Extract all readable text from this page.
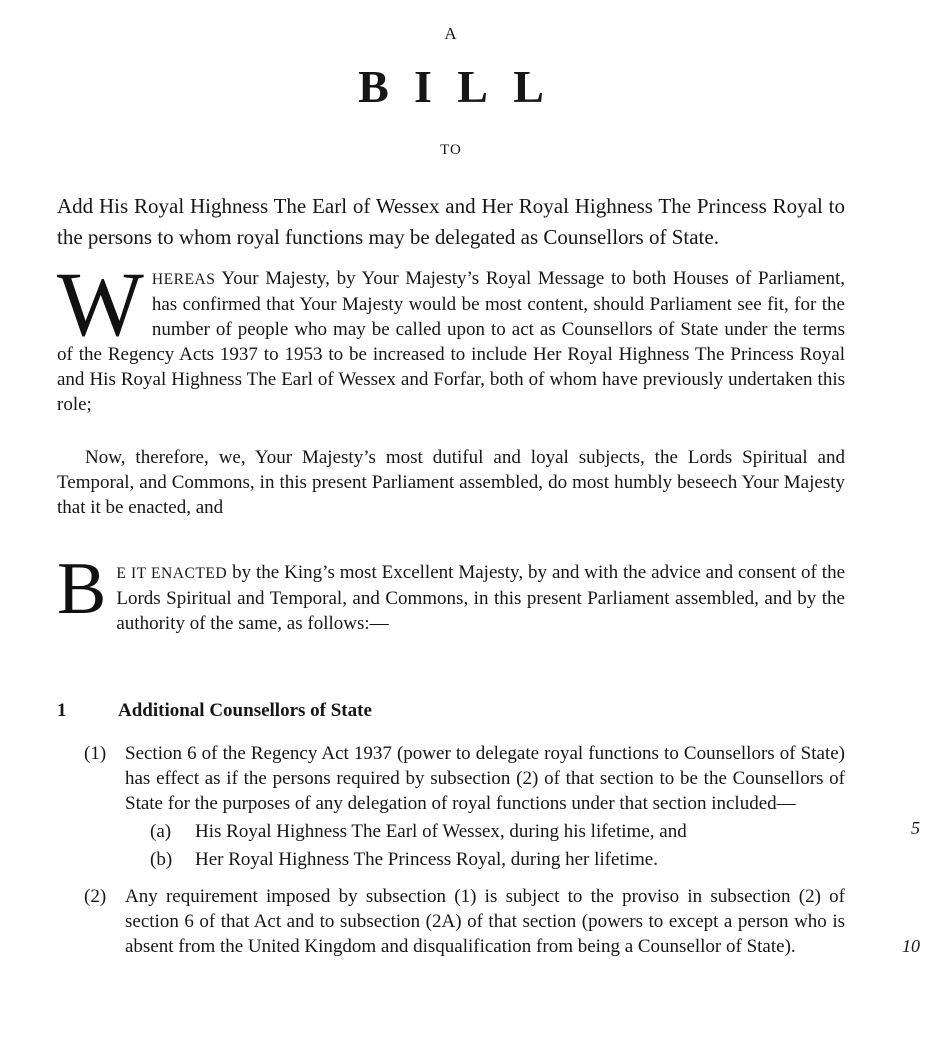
A
BILL
TO

Add His Royal Highness The Earl of Wessex and Her Royal Highness The Princess Royal to the persons to whom royal functions may be delegated as Counsellors of State.

W HEREAS Your Majesty, by Your Majesty’s Royal Message to both Houses of Parliament, has confirmed that Your Majesty would be most content, should Parliament see fit, for the number of people who may be called upon to act as Counsellors of State under the terms of the Regency Acts 1937 to 1953 to be increased to include Her Royal Highness The Princess Royal and His Royal Highness The Earl of Wessex and Forfar, both of whom have previously undertaken this role;

Now, therefore, we, Your Majesty’s most dutiful and loyal subjects, the Lords Spiritual and Temporal, and Commons, in this present Parliament assembled, do most humbly beseech Your Majesty that it be enacted, and

B E IT ENACTED by the King’s most Excellent Majesty, by and with the advice and consent of the Lords Spiritual and Temporal, and Commons, in this present Parliament assembled, and by the authority of the same, as follows:—

1	Additional Counsellors of State
(1) Section 6 of the Regency Act 1937 (power to delegate royal functions to Counsellors of State) has effect as if the persons required by subsection (2) of that section to be the Counsellors of State for the purposes of any delegation of royal functions under that section included—
5
(a) His Royal Highness The Earl of Wessex, during his lifetime, and
(b) Her Royal Highness The Princess Royal, during her lifetime.
(2) Any requirement imposed by subsection (1) is subject to the proviso in subsection (2) of section 6 of that Act and to subsection (2A) of that section (powers to except a person who is absent from the United Kingdom and disqualification from being a Counsellor of State).	10
